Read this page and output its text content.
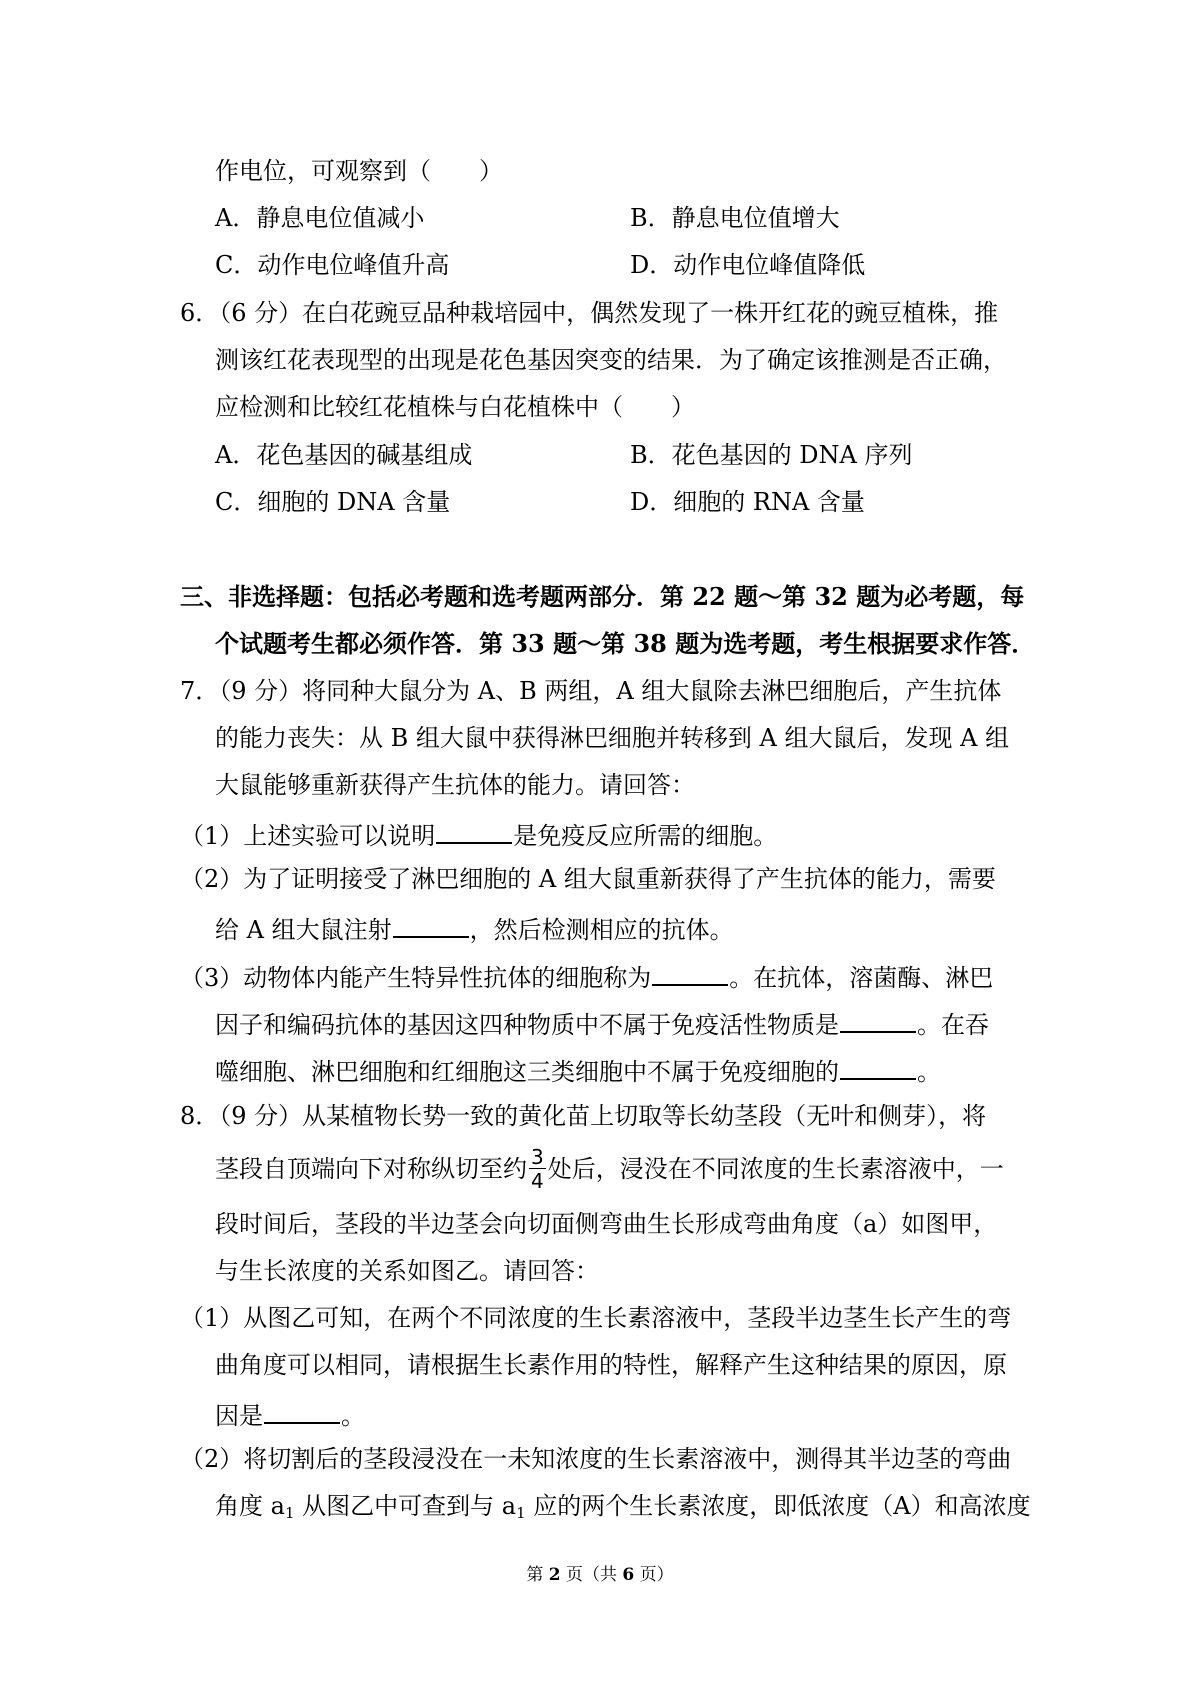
作电位，可观察到（　　）
A．静息电位值减小	B．静息电位值增大
C．动作电位峰值升高	D．动作电位峰值降低
6．（6 分）在白花豌豆品种栽培园中，偶然发现了一株开红花的豌豆植株，推
测该红花表现型的出现是花色基因突变的结果．为了确定该推测是否正确，
应检测和比较红花植株与白花植株中（　　）
A．花色基因的碱基组成	B．花色基因的 DNA 序列
C．细胞的 DNA 含量	D．细胞的 RNA 含量
三、非选择题：包括必考题和选考题两部分．第 22 题～第 32 题为必考题，每
个试题考生都必须作答．第 33 题～第 38 题为选考题，考生根据要求作答．
7．（9 分）将同种大鼠分为 A、B 两组，A 组大鼠除去淋巴细胞后，产生抗体
的能力丧失：从 B 组大鼠中获得淋巴细胞并转移到 A 组大鼠后，发现 A 组
大鼠能够重新获得产生抗体的能力。请回答：
（1）上述实验可以说明	是免疫反应所需的细胞。
（2）为了证明接受了淋巴细胞的 A 组大鼠重新获得了产生抗体的能力，需要
给 A 组大鼠注射	，然后检测相应的抗体。
（3）动物体内能产生特异性抗体的细胞称为	。在抗体，溶菌酶、淋巴
因子和编码抗体的基因这四种物质中不属于免疫活性物质是	。在吞
噬细胞、淋巴细胞和红细胞这三类细胞中不属于免疫细胞的	。
8．（9 分）从某植物长势一致的黄化苗上切取等长幼茎段（无叶和侧芽），将
茎段自顶端向下对称纵切至约 $\frac{3}{4}$ 处后，浸没在不同浓度的生长素溶液中，一
段时间后，茎段的半边茎会向切面侧弯曲生长形成弯曲角度（a）如图甲，
与生长浓度的关系如图乙。请回答：
（1）从图乙可知，在两个不同浓度的生长素溶液中，茎段半边茎生长产生的弯
曲角度可以相同，请根据生长素作用的特性，解释产生这种结果的原因，原
因是	。
（2）将切割后的茎段浸没在一未知浓度的生长素溶液中，测得其半边茎的弯曲
角度 $a_1$ 从图乙中可查到与 $a_1$ 应的两个生长素浓度，即低浓度（A）和高浓度
第 2 页（共 6 页）
